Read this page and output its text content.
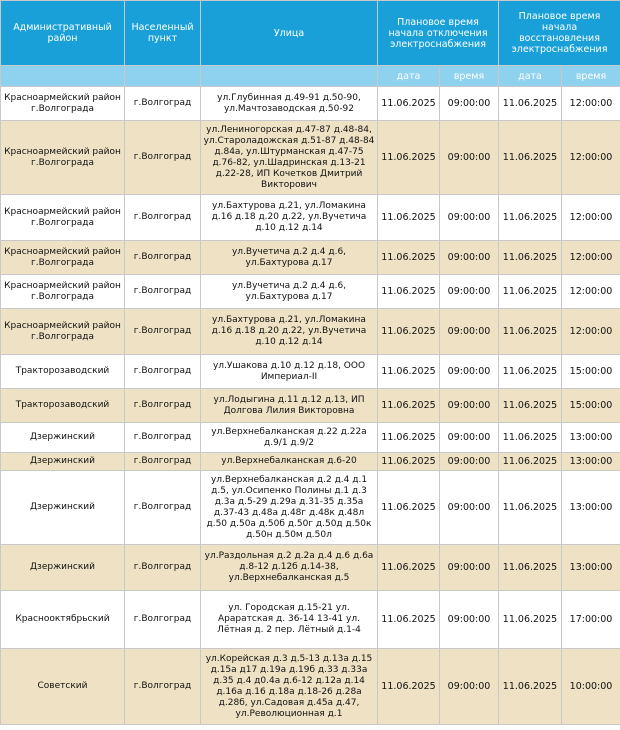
Административный район	Населенный пункт	Улица	Плановое время начала отключения электроснабжения		Плановое время начала восстановления электроснабжения	
			дата	время	дата	время
Красноармейский район г.Волгограда	г.Волгоград	ул.Глубинная д.49-91 д.50-90, ул.Мачтозаводская д.50-92	11.06.2025	09:00:00	11.06.2025	12:00:00
Красноармейский район г.Волгограда	г.Волгоград	ул.Лениногорская д.47-87 д.48-84, ул.Староладожская д.51-87 д.48-84 д.84а, ул.Штурманская д.47-75 д.76-82, ул.Шадринская д.13-21 д.22-28, ИП Кочетков Дмитрий Викторович	11.06.2025	09:00:00	11.06.2025	12:00:00
Красноармейский район г.Волгограда	г.Волгоград	ул.Бахтурова д.21, ул.Ломакина д.16 д.18 д.20 д.22, ул.Вучетича д.10 д.12 д.14	11.06.2025	09:00:00	11.06.2025	12:00:00
Красноармейский район г.Волгограда	г.Волгоград	ул.Вучетича д.2 д.4 д.6, ул.Бахтурова д.17	11.06.2025	09:00:00	11.06.2025	12:00:00
Красноармейский район г.Волгограда	г.Волгоград	ул.Вучетича д.2 д.4 д.6, ул.Бахтурова д.17	11.06.2025	09:00:00	11.06.2025	12:00:00
Красноармейский район г.Волгограда	г.Волгоград	ул.Бахтурова д.21, ул.Ломакина д.16 д.18 д.20 д.22, ул.Вучетича д.10 д.12 д.14	11.06.2025	09:00:00	11.06.2025	12:00:00
Тракторозаводский	г.Волгоград	ул.Ушакова д.10 д.12 д.18, ООО Империал-II	11.06.2025	09:00:00	11.06.2025	15:00:00
Тракторозаводский	г.Волгоград	ул.Лодыгина д.11 д.12 д.13, ИП Долгова Лилия Викторовна	11.06.2025	09:00:00	11.06.2025	15:00:00
Дзержинский	г.Волгоград	ул.Верхнебалканская д.22 д.22а д.9/1 д.9/2	11.06.2025	09:00:00	11.06.2025	13:00:00
Дзержинский	г.Волгоград	ул.Верхнебалканская д.6-20	11.06.2025	09:00:00	11.06.2025	13:00:00
Дзержинский	г.Волгоград	ул.Верхнебалканская д.2 д.4 д.1 д.5, ул.Осипенко Полины д.1 д.3 д.3а д.5-29 д.29а д.31-35 д.35а д.37-43 д.48а д.48г д.48к д.48л д.50 д.50а д.50б д.50г д.50д д.50к д.50н д.50м д.50л	11.06.2025	09:00:00	11.06.2025	13:00:00
Дзержинский	г.Волгоград	ул.Раздольная д.2 д.2а д.4 д.6 д.6а д.8-12 д.12б д.14-38, ул.Верхнебалканская д.5	11.06.2025	09:00:00	11.06.2025	13:00:00
Краснооктябрьский	г.Волгоград	ул. Городская д.15-21 ул. Араратская д. 36-14 13-41 ул. Лётная д. 2 пер. Лётный д.1-4	11.06.2025	09:00:00	11.06.2025	17:00:00
Советский	г.Волгоград	ул.Корейская д.3 д.5-13 д.13а д.15 д.15а д17 д.19а д.19б д.33 д.33а д.35 д.4 д0.4а д.6-12 д.12а д.14 д.16а д.16 д.18а д.18-26 д.28а д.28б, ул.Садовая д.45а д.47, ул.Революционная д.1	11.06.2025	09:00:00	11.06.2025	10:00:00
